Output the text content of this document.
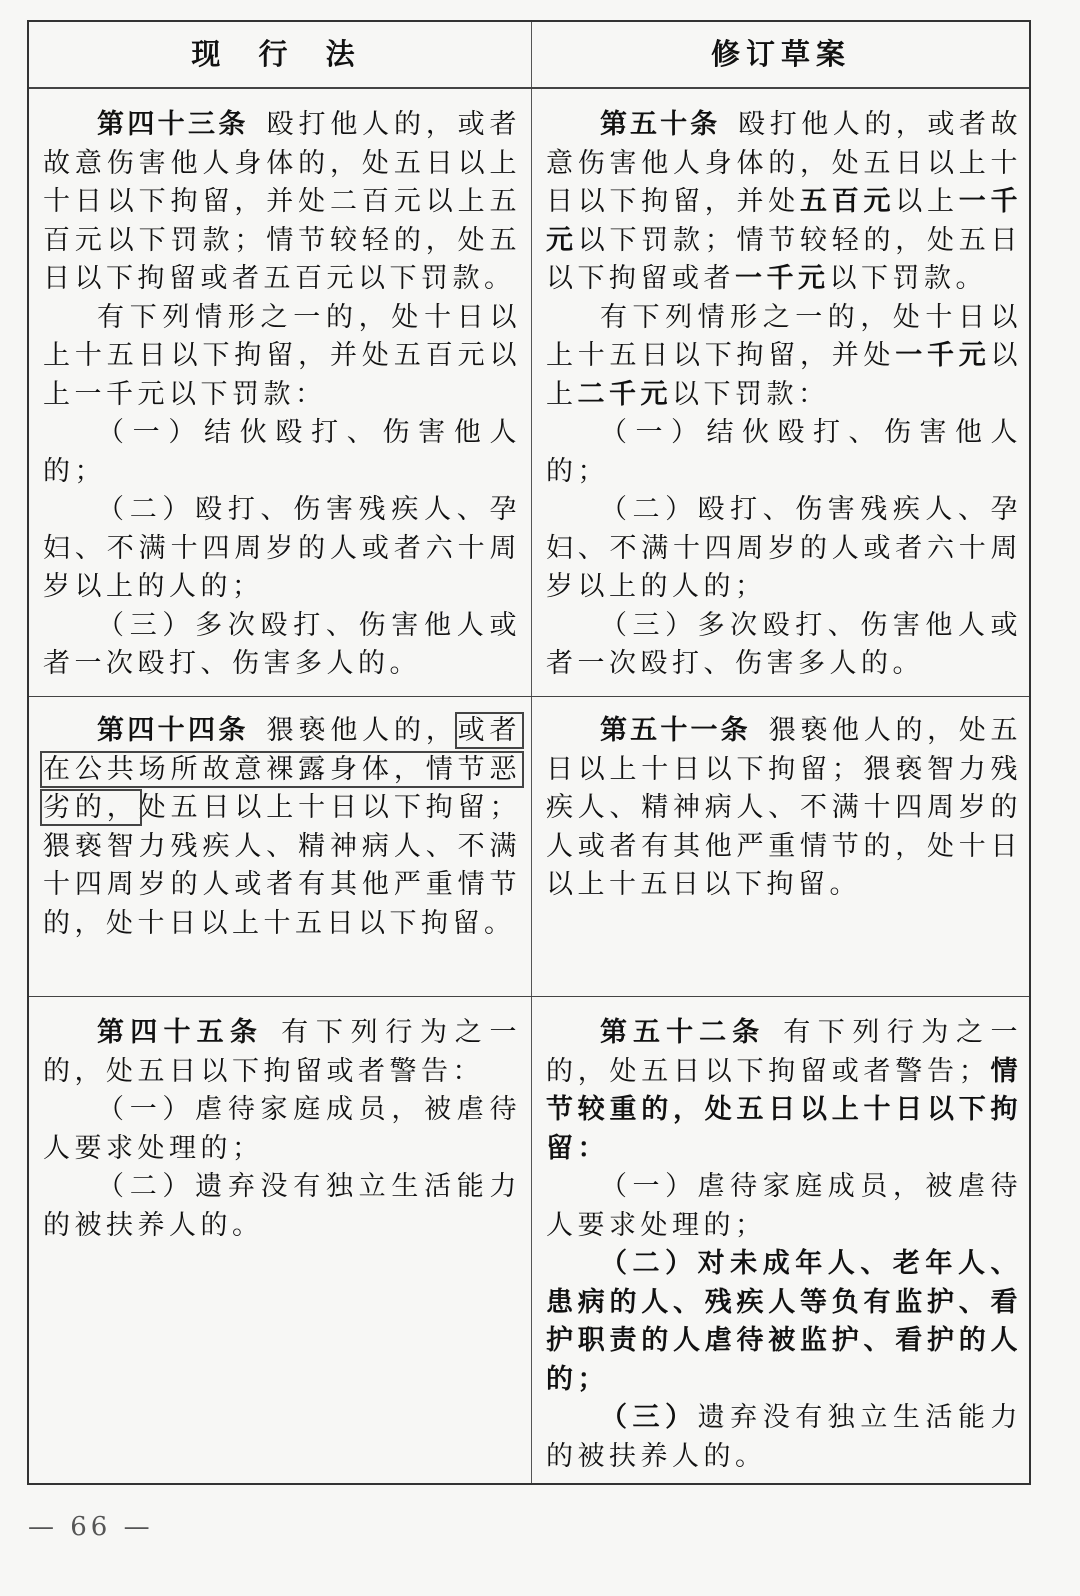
现 行 法	修订草案

第四十三条 殴打他人的，或者故意伤害他人身体的，处五日以上十日以下拘留，并处二百元以上五百元以下罚款；情节较轻的，处五日以下拘留或者五百元以下罚款。

有下列情形之一的，处十日以上十五日以下拘留，并处五百元以上一千元以下罚款：

（一）结伙殴打、伤害他人的；

（二）殴打、伤害残疾人、孕妇、不满十四周岁的人或者六十周岁以上的人的；

（三）多次殴打、伤害他人或者一次殴打、伤害多人的。

第五十条 殴打他人的，或者故意伤害他人身体的，处五日以上十日以下拘留，并处五百元以上一千元以下罚款；情节较轻的，处五日以下拘留或者一千元以下罚款。

有下列情形之一的，处十日以上十五日以下拘留，并处一千元以上二千元以下罚款：

（一）结伙殴打、伤害他人的；

（二）殴打、伤害残疾人、孕妇、不满十四周岁的人或者六十周岁以上的人的；

（三）多次殴打、伤害他人或者一次殴打、伤害多人的。

第四十四条 猥亵他人的，或者在公共场所故意裸露身体，情节恶劣的，处五日以上十日以下拘留；猥亵智力残疾人、精神病人、不满十四周岁的人或者有其他严重情节的，处十日以上十五日以下拘留。

第五十一条 猥亵他人的，处五日以上十日以下拘留；猥亵智力残疾人、精神病人、不满十四周岁的人或者有其他严重情节的，处十日以上十五日以下拘留。

第四十五条 有下列行为之一的，处五日以下拘留或者警告：

（一）虐待家庭成员，被虐待人要求处理的；

（二）遗弃没有独立生活能力的被扶养人的。

第五十二条 有下列行为之一的，处五日以下拘留或者警告；情节较重的，处五日以上十日以下拘留：

（一）虐待家庭成员，被虐待人要求处理的；

（二）对未成年人、老年人、患病的人、残疾人等负有监护、看护职责的人虐待被监护、看护的人的；

（三）遗弃没有独立生活能力的被扶养人的。

— 66 —
